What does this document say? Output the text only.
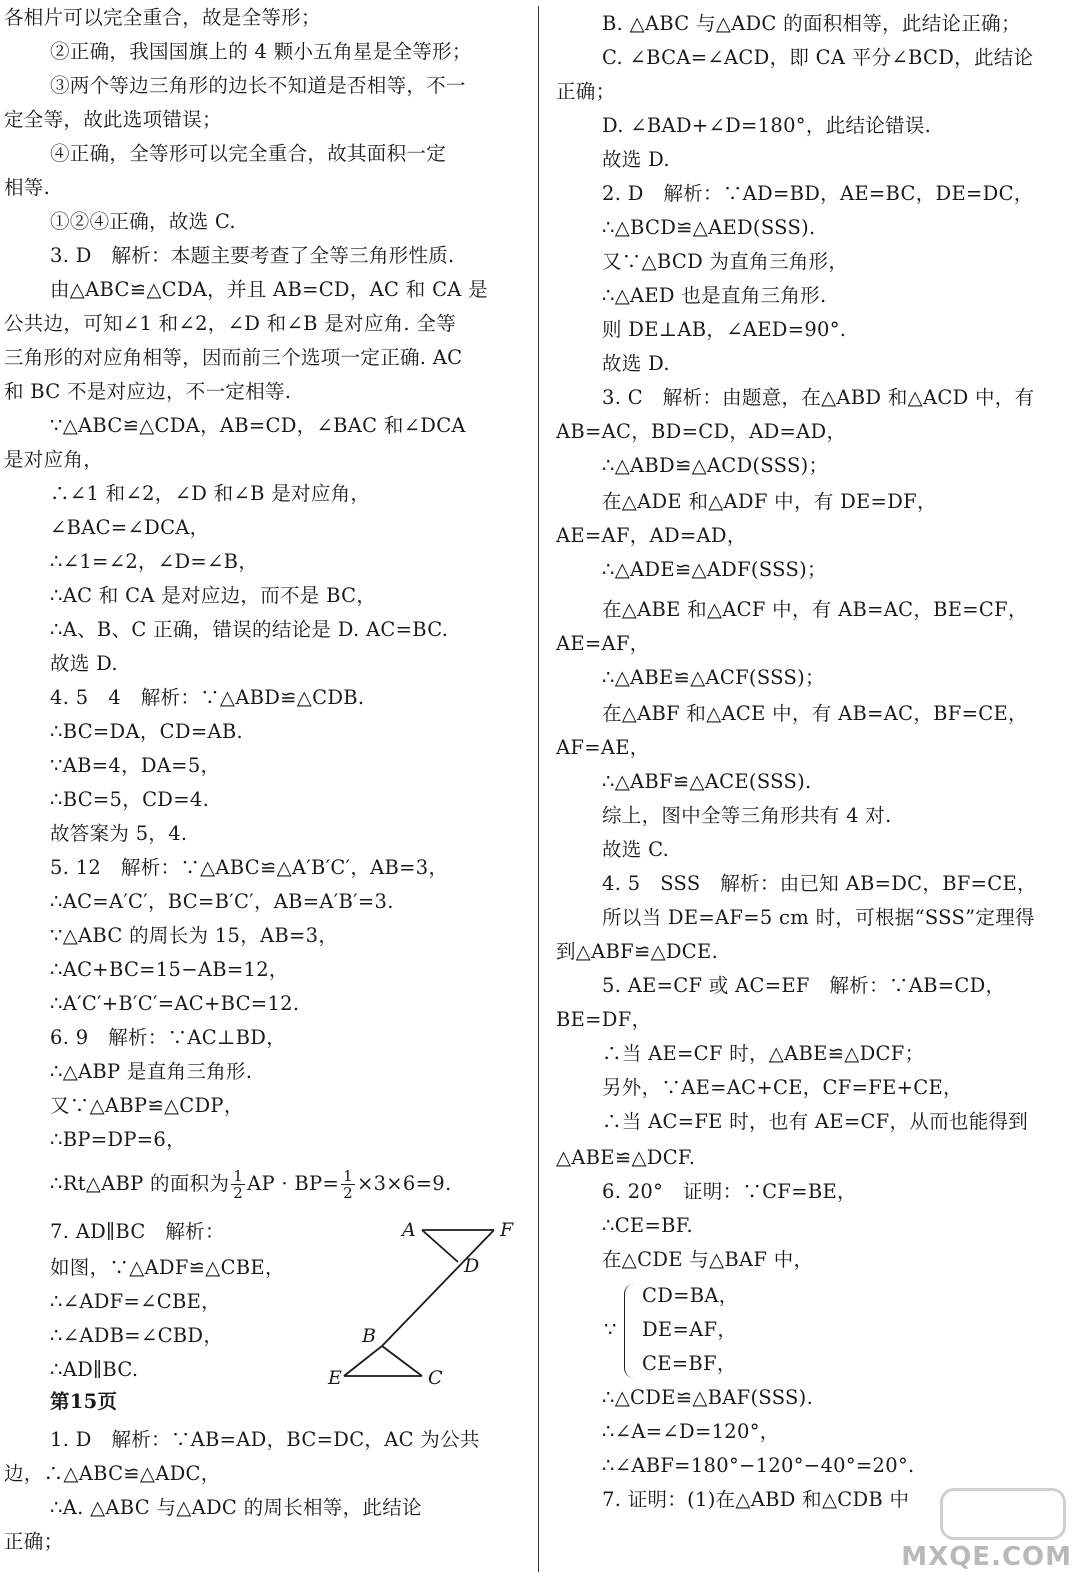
各相片可以完全重合，故是全等形；
②正确，我国国旗上的 4 颗小五角星是全等形；
③两个等边三角形的边长不知道是否相等，不一
定全等，故此选项错误；
④正确，全等形可以完全重合，故其面积一定
相等.
①②④正确，故选 C.
3. D　解析：本题主要考查了全等三角形性质.
由△ABC≌△CDA，并且 AB=CD，AC 和 CA 是
公共边，可知∠1 和∠2，∠D 和∠B 是对应角. 全等
三角形的对应角相等，因而前三个选项一定正确. AC
和 BC 不是对应边，不一定相等.
∵△ABC≌△CDA，AB=CD，∠BAC 和∠DCA
是对应角，
∴∠1 和∠2，∠D 和∠B 是对应角，
∠BAC=∠DCA，
∴∠1=∠2，∠D=∠B，
∴AC 和 CA 是对应边，而不是 BC，
∴A、B、C 正确，错误的结论是 D. AC=BC.
故选 D.
4. 5　4　解析：∵△ABD≌△CDB.
∴BC=DA，CD=AB.
∵AB=4，DA=5，
∴BC=5，CD=4.
故答案为 5，4.
5. 12　解析：∵△ABC≌△A′B′C′，AB=3，
∴AC=A′C′，BC=B′C′，AB=A′B′=3.
∵△ABC 的周长为 15，AB=3，
∴AC+BC=15−AB=12，
∴A′C′+B′C′=AC+BC=12.
6. 9　解析：∵AC⊥BD，
∴△ABP 是直角三角形.
又∵△ABP≌△CDP，
∴BP=DP=6，
7. AD∥BC　解析：
如图，∵△ADF≌△CBE，
∴∠ADF=∠CBE，
∴∠ADB=∠CBD，
∴AD∥BC.
第15页
1. D　解析：∵AB=AD，BC=DC，AC 为公共
边，∴△ABC≌△ADC，
∴A. △ABC 与△ADC 的周长相等，此结论
正确；
B. △ABC 与△ADC 的面积相等，此结论正确；
C. ∠BCA=∠ACD，即 CA 平分∠BCD，此结论
正确；
D. ∠BAD+∠D=180°，此结论错误.
故选 D.
2. D　解析：∵AD=BD，AE=BC，DE=DC，
∴△BCD≌△AED(SSS).
又∵△BCD 为直角三角形，
∴△AED 也是直角三角形.
则 DE⊥AB，∠AED=90°.
故选 D.
3. C　解析：由题意，在△ABD 和△ACD 中，有
AB=AC，BD=CD，AD=AD，
∴△ABD≌△ACD(SSS)；
在△ADE 和△ADF 中，有 DE=DF，
AE=AF，AD=AD，
∴△ADE≌△ADF(SSS)；
在△ABE 和△ACF 中，有 AB=AC，BE=CF，
AE=AF，
∴△ABE≌△ACF(SSS)；
在△ABF 和△ACE 中，有 AB=AC，BF=CE，
AF=AE，
∴△ABF≌△ACE(SSS).
综上，图中全等三角形共有 4 对.
故选 C.
4. 5　SSS　解析：由已知 AB=DC，BF=CE，
所以当 DE=AF=5 cm 时，可根据“SSS”定理得
到△ABF≌△DCE.
5. AE=CF 或 AC=EF　解析：∵AB=CD，
BE=DF，
∴当 AE=CF 时，△ABE≌△DCF；
另外，∵AE=AC+CE，CF=FE+CE，
∴当 AC=FE 时，也有 AE=CF，从而也能得到
△ABE≌△DCF.
6. 20°　证明：∵CF=BE，
∴CE=BF.
在△CDE 与△BAF 中，
CD=BA，
DE=AF，
CE=BF，
∴△CDE≌△BAF(SSS).
∴∠A=∠D=120°，
∴∠ABF=180°−120°−40°=20°.
7. 证明：(1)在△ABD 和△CDB 中
∴Rt△ABP 的面积为 $\frac{1}{2}$ AP · $BP= \frac{1}{2} \times 3\times 6=9$.
A	F
D
B
E	C
∵
MXQE.COM
